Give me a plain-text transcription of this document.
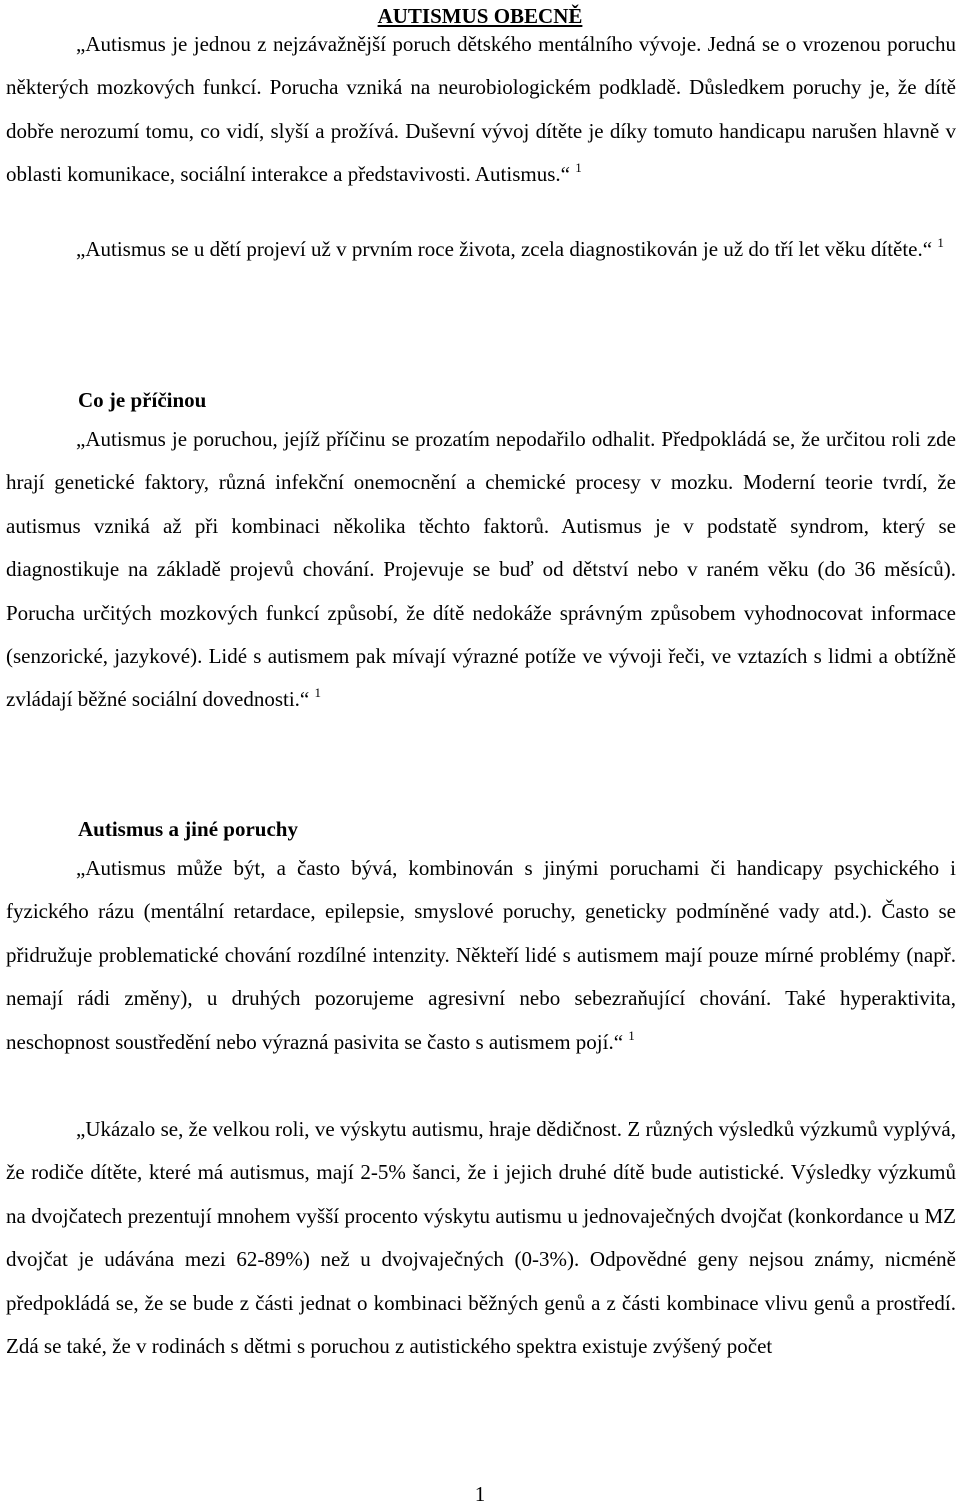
AUTISMUS OBECNĚ

„Autismus je jednou z nejzávažnější poruch dětského mentálního vývoje. Jedná se o vrozenou poruchu některých mozkových funkcí. Porucha vzniká na neurobiologickém podkladě. Důsledkem poruchy je, že dítě dobře nerozumí tomu, co vidí, slyší a prožívá. Duševní vývoj dítěte je díky tomuto handicapu narušen hlavně v oblasti komunikace, sociální interakce a představivosti. Autismus.“ $^1$

„Autismus se u dětí projeví už v prvním roce života, zcela diagnostikován je už do tří let věku dítěte.“ $^1$

Co je příčinou

„Autismus je poruchou, jejíž příčinu se prozatím nepodařilo odhalit. Předpokládá se, že určitou roli zde hrají genetické faktory, různá infekční onemocnění a chemické procesy v mozku. Moderní teorie tvrdí, že autismus vzniká až při kombinaci několika těchto faktorů. Autismus je v podstatě syndrom, který se diagnostikuje na základě projevů chování. Projevuje se buď od dětství nebo v raném věku (do 36 měsíců). Porucha určitých mozkových funkcí způsobí, že dítě nedokáže správným způsobem vyhodnocovat informace (senzorické, jazykové). Lidé s autismem pak mívají výrazné potíže ve vývoji řeči, ve vztazích s lidmi a obtížně zvládají běžné sociální dovednosti.“ $^1$

Autismus a jiné poruchy

„Autismus může být, a často bývá, kombinován s jinými poruchami či handicapy psychického i fyzického rázu (mentální retardace, epilepsie, smyslové poruchy, geneticky podmíněné vady atd.). Často se přidružuje problematické chování rozdílné intenzity. Někteří lidé s autismem mají pouze mírné problémy (např. nemají rádi změny), u druhých pozorujeme agresivní nebo sebezraňující chování. Také hyperaktivita, neschopnost soustředění nebo výrazná pasivita se často s autismem pojí.“ $^1$

„Ukázalo se, že velkou roli, ve výskytu autismu, hraje dědičnost. Z různých výsledků výzkumů vyplývá, že rodiče dítěte, které má autismus, mají 2-5% šanci, že i jejich druhé dítě bude autistické. Výsledky výzkumů na dvojčatech prezentují mnohem vyšší procento výskytu autismu u jednovaječných dvojčat (konkordance u MZ dvojčat je udávána mezi 62-89%) než u dvojvaječných (0-3%). Odpovědné geny nejsou známy, nicméně předpokládá se, že se bude z části jednat o kombinaci běžných genů a z části kombinace vlivu genů a prostředí. Zdá se také, že v rodinách s dětmi s poruchou z autistického spektra existuje zvýšený počet

1
